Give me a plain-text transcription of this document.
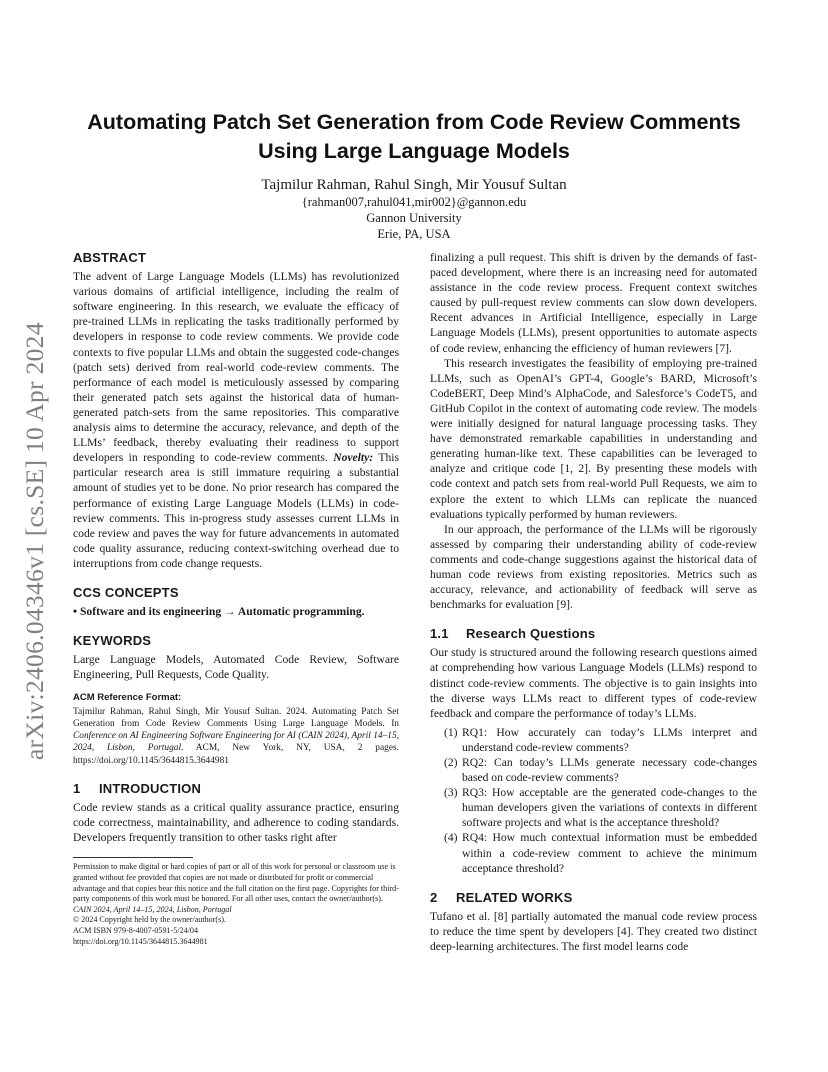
arXiv:2406.04346v1 [cs.SE] 10 Apr 2024
Automating Patch Set Generation from Code Review Comments Using Large Language Models
Tajmilur Rahman, Rahul Singh, Mir Yousuf Sultan
{rahman007,rahul041,mir002}@gannon.edu
Gannon University
Erie, PA, USA
ABSTRACT

The advent of Large Language Models (LLMs) has revolutionized various domains of artificial intelligence, including the realm of software engineering. In this research, we evaluate the efficacy of pre-trained LLMs in replicating the tasks traditionally performed by developers in response to code review comments. We provide code contexts to five popular LLMs and obtain the suggested code-changes (patch sets) derived from real-world code-review comments. The performance of each model is meticulously assessed by comparing their generated patch sets against the historical data of human-generated patch-sets from the same repositories. This comparative analysis aims to determine the accuracy, relevance, and depth of the LLMs’ feedback, thereby evaluating their readiness to support developers in responding to code-review comments. Novelty: This particular research area is still immature requiring a substantial amount of studies yet to be done. No prior research has compared the performance of existing Large Language Models (LLMs) in code-review comments. This in-progress study assesses current LLMs in code review and paves the way for future advancements in automated code quality assurance, reducing context-switching overhead due to interruptions from code change requests.

CCS CONCEPTS

• Software and its engineering → Automatic programming.

KEYWORDS

Large Language Models, Automated Code Review, Software Engineering, Pull Requests, Code Quality.

ACM Reference Format:

Tajmilur Rahman, Rahul Singh, Mir Yousuf Sultan. 2024. Automating Patch Set Generation from Code Review Comments Using Large Language Models. In Conference on AI Engineering Software Engineering for AI (CAIN 2024), April 14–15, 2024, Lisbon, Portugal. ACM, New York, NY, USA, 2 pages. https://doi.org/10.1145/3644815.3644981

1 INTRODUCTION

Code review stands as a critical quality assurance practice, ensuring code correctness, maintainability, and adherence to coding standards. Developers frequently transition to other tasks right after

Permission to make digital or hard copies of part or all of this work for personal or classroom use is granted without fee provided that copies are not made or distributed for profit or commercial advantage and that copies bear this notice and the full citation on the first page. Copyrights for third-party components of this work must be honored. For all other uses, contact the owner/author(s).
CAIN 2024, April 14–15, 2024, Lisbon, Portugal
© 2024 Copyright held by the owner/author(s).
ACM ISBN 979-8-4007-0591-5/24/04
https://doi.org/10.1145/3644815.3644981

finalizing a pull request. This shift is driven by the demands of fast-paced development, where there is an increasing need for automated assistance in the code review process. Frequent context switches caused by pull-request review comments can slow down developers. Recent advances in Artificial Intelligence, especially in Large Language Models (LLMs), present opportunities to automate aspects of code review, enhancing the efficiency of human reviewers [7].

This research investigates the feasibility of employing pre-trained LLMs, such as OpenAI’s GPT-4, Google’s BARD, Microsoft’s CodeBERT, Deep Mind’s AlphaCode, and Salesforce’s CodeT5, and GitHub Copilot in the context of automating code review. The models were initially designed for natural language processing tasks. They have demonstrated remarkable capabilities in understanding and generating human-like text. These capabilities can be leveraged to analyze and critique code [1, 2]. By presenting these models with code context and patch sets from real-world Pull Requests, we aim to explore the extent to which LLMs can replicate the nuanced evaluations typically performed by human reviewers.

In our approach, the performance of the LLMs will be rigorously assessed by comparing their understanding ability of code-review comments and code-change suggestions against the historical data of human code reviews from existing repositories. Metrics such as accuracy, relevance, and actionability of feedback will serve as benchmarks for evaluation [9].

1.1 Research Questions

Our study is structured around the following research questions aimed at comprehending how various Language Models (LLMs) respond to distinct code-review comments. The objective is to gain insights into the diverse ways LLMs react to different types of code-review feedback and compare the performance of today’s LLMs.

(1) RQ1: How accurately can today’s LLMs interpret and understand code-review comments?
(2) RQ2: Can today’s LLMs generate necessary code-changes based on code-review comments?
(3) RQ3: How acceptable are the generated code-changes to the human developers given the variations of contexts in different software projects and what is the acceptance threshold?
(4) RQ4: How much contextual information must be embedded within a code-review comment to achieve the minimum acceptance threshold?
2 RELATED WORKS

Tufano et al. [8] partially automated the manual code review process to reduce the time spent by developers [4]. They created two distinct deep-learning architectures. The first model learns code
